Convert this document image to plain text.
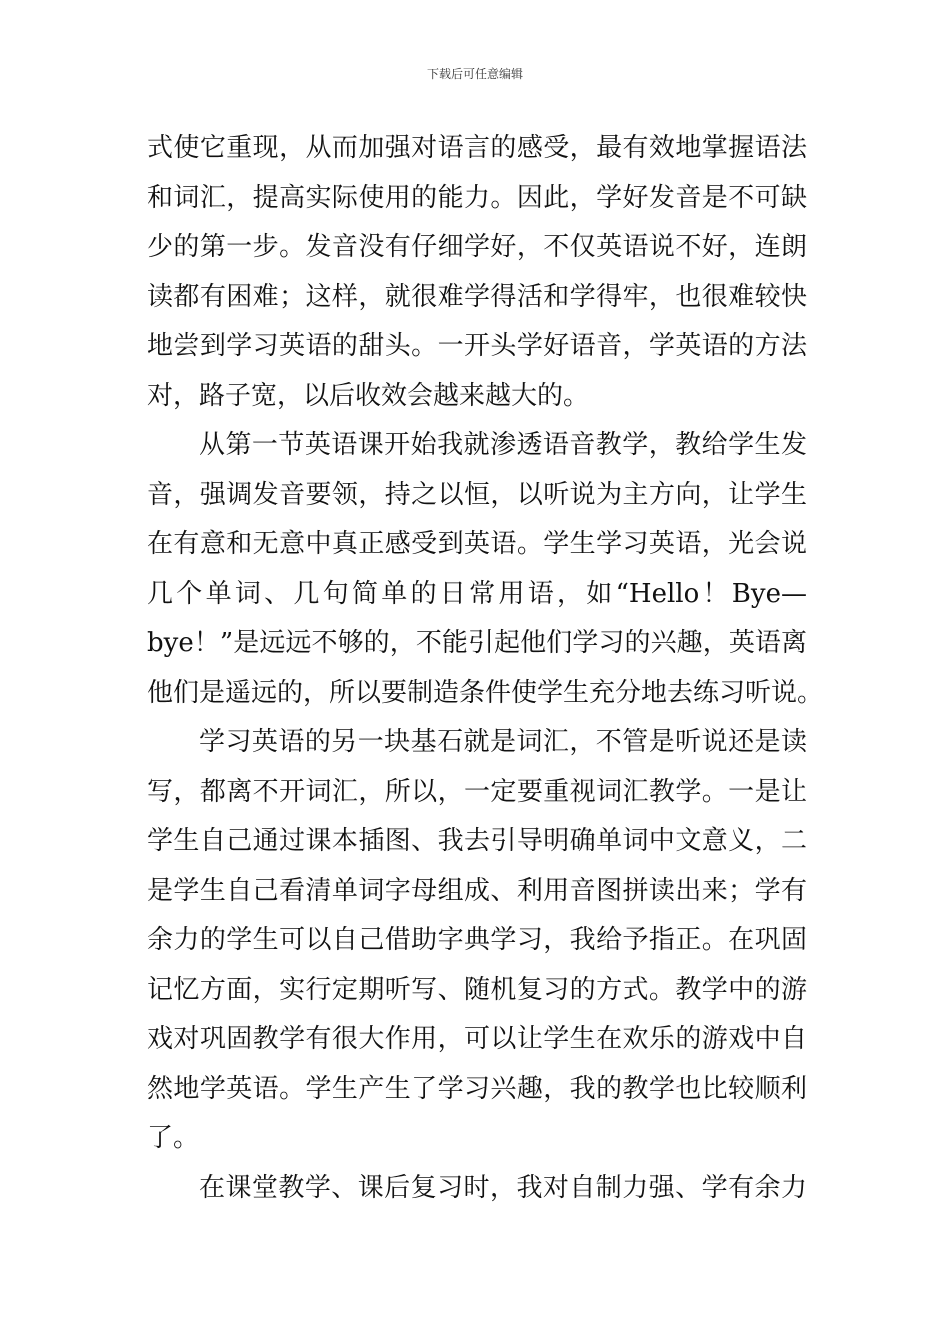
下载后可任意编辑
式使它重现，从而加强对语言的感受，最有效地掌握语法
和词汇，提高实际使用的能力。因此，学好发音是不可缺
少的第一步。发音没有仔细学好，不仅英语说不好，连朗
读都有困难；这样，就很难学得活和学得牢，也很难较快
地尝到学习英语的甜头。一开头学好语音，学英语的方法
对，路子宽，以后收效会越来越大的。
从第一节英语课开始我就渗透语音教学，教给学生发
音，强调发音要领，持之以恒，以听说为主方向，让学生
在有意和无意中真正感受到英语。学生学习英语，光会说
几个单词、几句简单的日常用语，如“Hello！Bye—
bye！”是远远不够的，不能引起他们学习的兴趣，英语离
他们是遥远的，所以要制造条件使学生充分地去练习听说。
学习英语的另一块基石就是词汇，不管是听说还是读
写，都离不开词汇，所以，一定要重视词汇教学。一是让
学生自己通过课本插图、我去引导明确单词中文意义，二
是学生自己看清单词字母组成、利用音图拼读出来；学有
余力的学生可以自己借助字典学习，我给予指正。在巩固
记忆方面，实行定期听写、随机复习的方式。教学中的游
戏对巩固教学有很大作用，可以让学生在欢乐的游戏中自
然地学英语。学生产生了学习兴趣，我的教学也比较顺利
了。
在课堂教学、课后复习时，我对自制力强、学有余力
